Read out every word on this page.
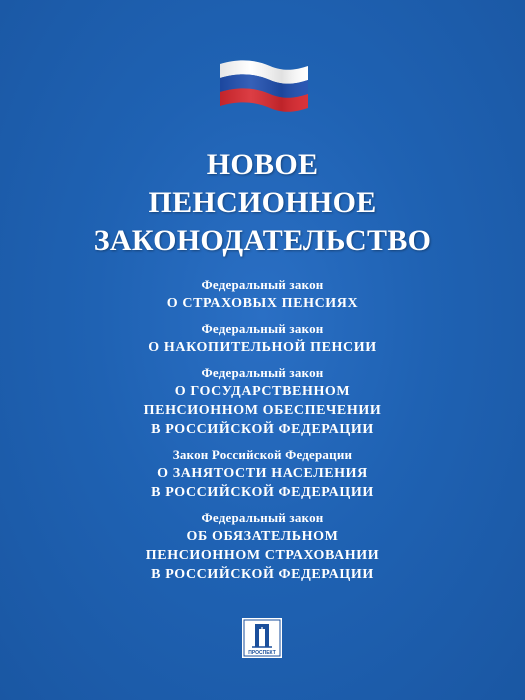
НОВОЕ
ПЕНСИОННОЕ
ЗАКОНОДАТЕЛЬСТВО
Федеральный закон
О СТРАХОВЫХ ПЕНСИЯХ
Федеральный закон
О НАКОПИТЕЛЬНОЙ ПЕНСИИ
Федеральный закон
О ГОСУДАРСТВЕННОМ
ПЕНСИОННОМ ОБЕСПЕЧЕНИИ
В РОССИЙСКОЙ ФЕДЕРАЦИИ
Закон Российской Федерации
О ЗАНЯТОСТИ НАСЕЛЕНИЯ
В РОССИЙСКОЙ ФЕДЕРАЦИИ
Федеральный закон
ОБ ОБЯЗАТЕЛЬНОМ
ПЕНСИОННОМ СТРАХОВАНИИ
В РОССИЙСКОЙ ФЕДЕРАЦИИ
ПРОСПЕКТ
